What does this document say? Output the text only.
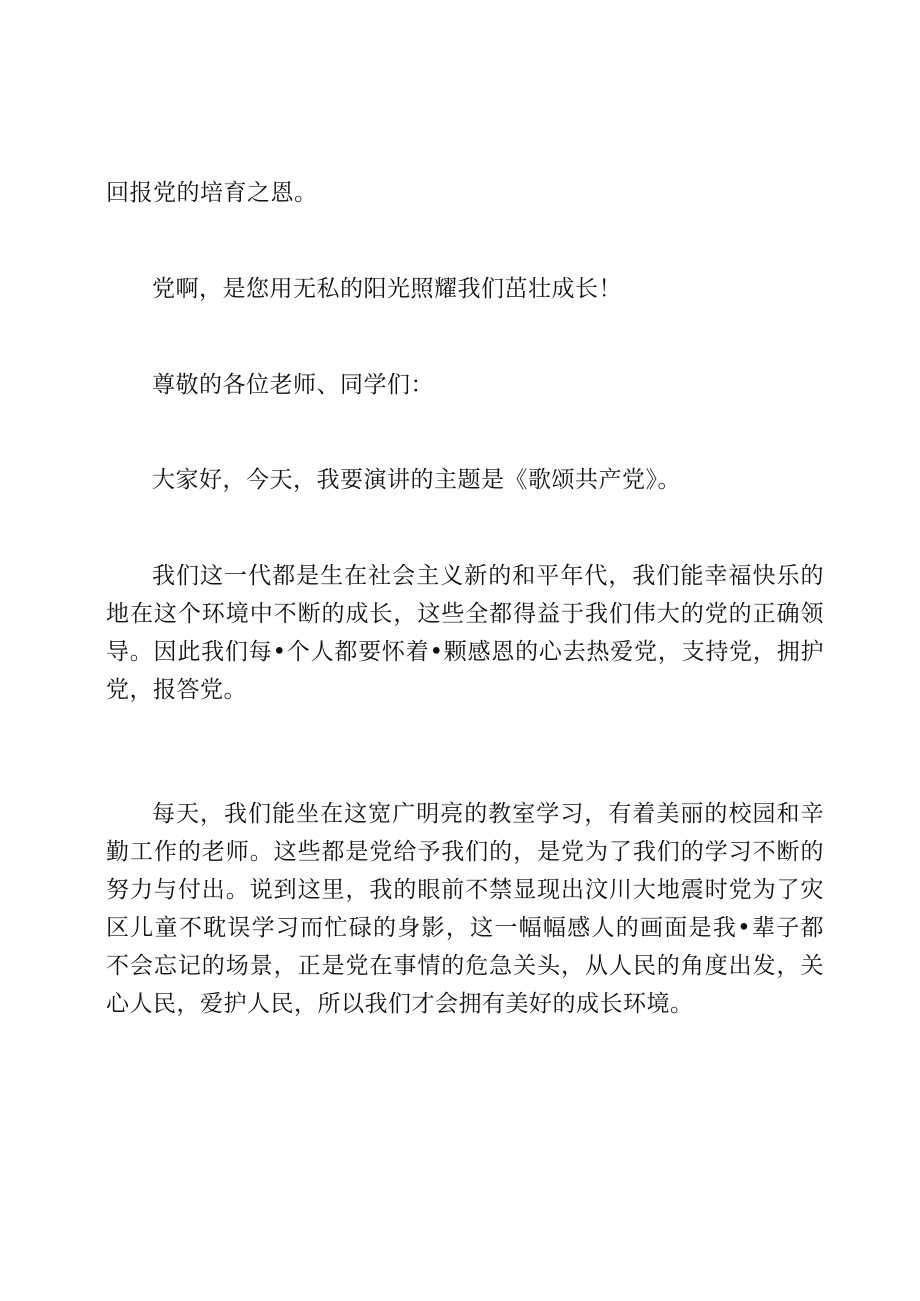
回报党的培育之恩。

党啊，是您用无私的阳光照耀我们茁壮成长！

尊敬的各位老师、同学们：

大家好，今天，我要演讲的主题是《歌颂共产党》。

我们这一代都是生在社会主义新的和平年代，我们能幸福快乐的地在这个环境中不断的成长，这些全都得益于我们伟大的党的正确领导。因此我们每•个人都要怀着•颗感恩的心去热爱党，支持党，拥护党，报答党。

每天，我们能坐在这宽广明亮的教室学习，有着美丽的校园和辛勤工作的老师。这些都是党给予我们的，是党为了我们的学习不断的努力与付出。说到这里，我的眼前不禁显现出汶川大地震时党为了灾区儿童不耽误学习而忙碌的身影，这一幅幅感人的画面是我•辈子都不会忘记的场景，正是党在事情的危急关头，从人民的角度出发，关心人民，爱护人民，所以我们才会拥有美好的成长环境。
